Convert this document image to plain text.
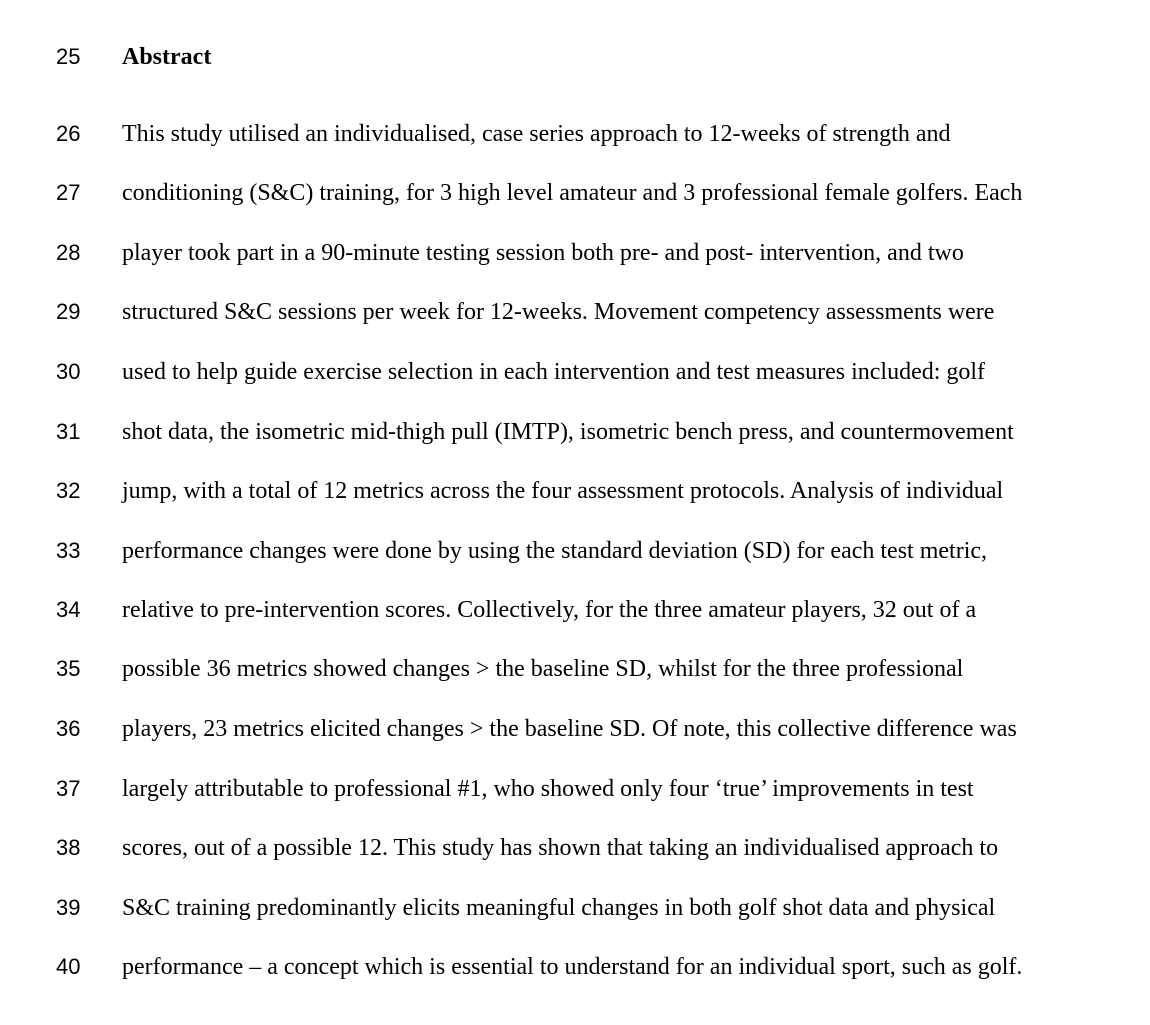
25 Abstract
26 This study utilised an individualised, case series approach to 12-weeks of strength and
27 conditioning (S&C) training, for 3 high level amateur and 3 professional female golfers. Each
28 player took part in a 90-minute testing session both pre- and post- intervention, and two
29 structured S&C sessions per week for 12-weeks. Movement competency assessments were
30 used to help guide exercise selection in each intervention and test measures included: golf
31 shot data, the isometric mid-thigh pull (IMTP), isometric bench press, and countermovement
32 jump, with a total of 12 metrics across the four assessment protocols. Analysis of individual
33 performance changes were done by using the standard deviation (SD) for each test metric,
34 relative to pre-intervention scores. Collectively, for the three amateur players, 32 out of a
35 possible 36 metrics showed changes > the baseline SD, whilst for the three professional
36 players, 23 metrics elicited changes > the baseline SD. Of note, this collective difference was
37 largely attributable to professional #1, who showed only four ‘true’ improvements in test
38 scores, out of a possible 12. This study has shown that taking an individualised approach to
39 S&C training predominantly elicits meaningful changes in both golf shot data and physical
40 performance – a concept which is essential to understand for an individual sport, such as golf.
